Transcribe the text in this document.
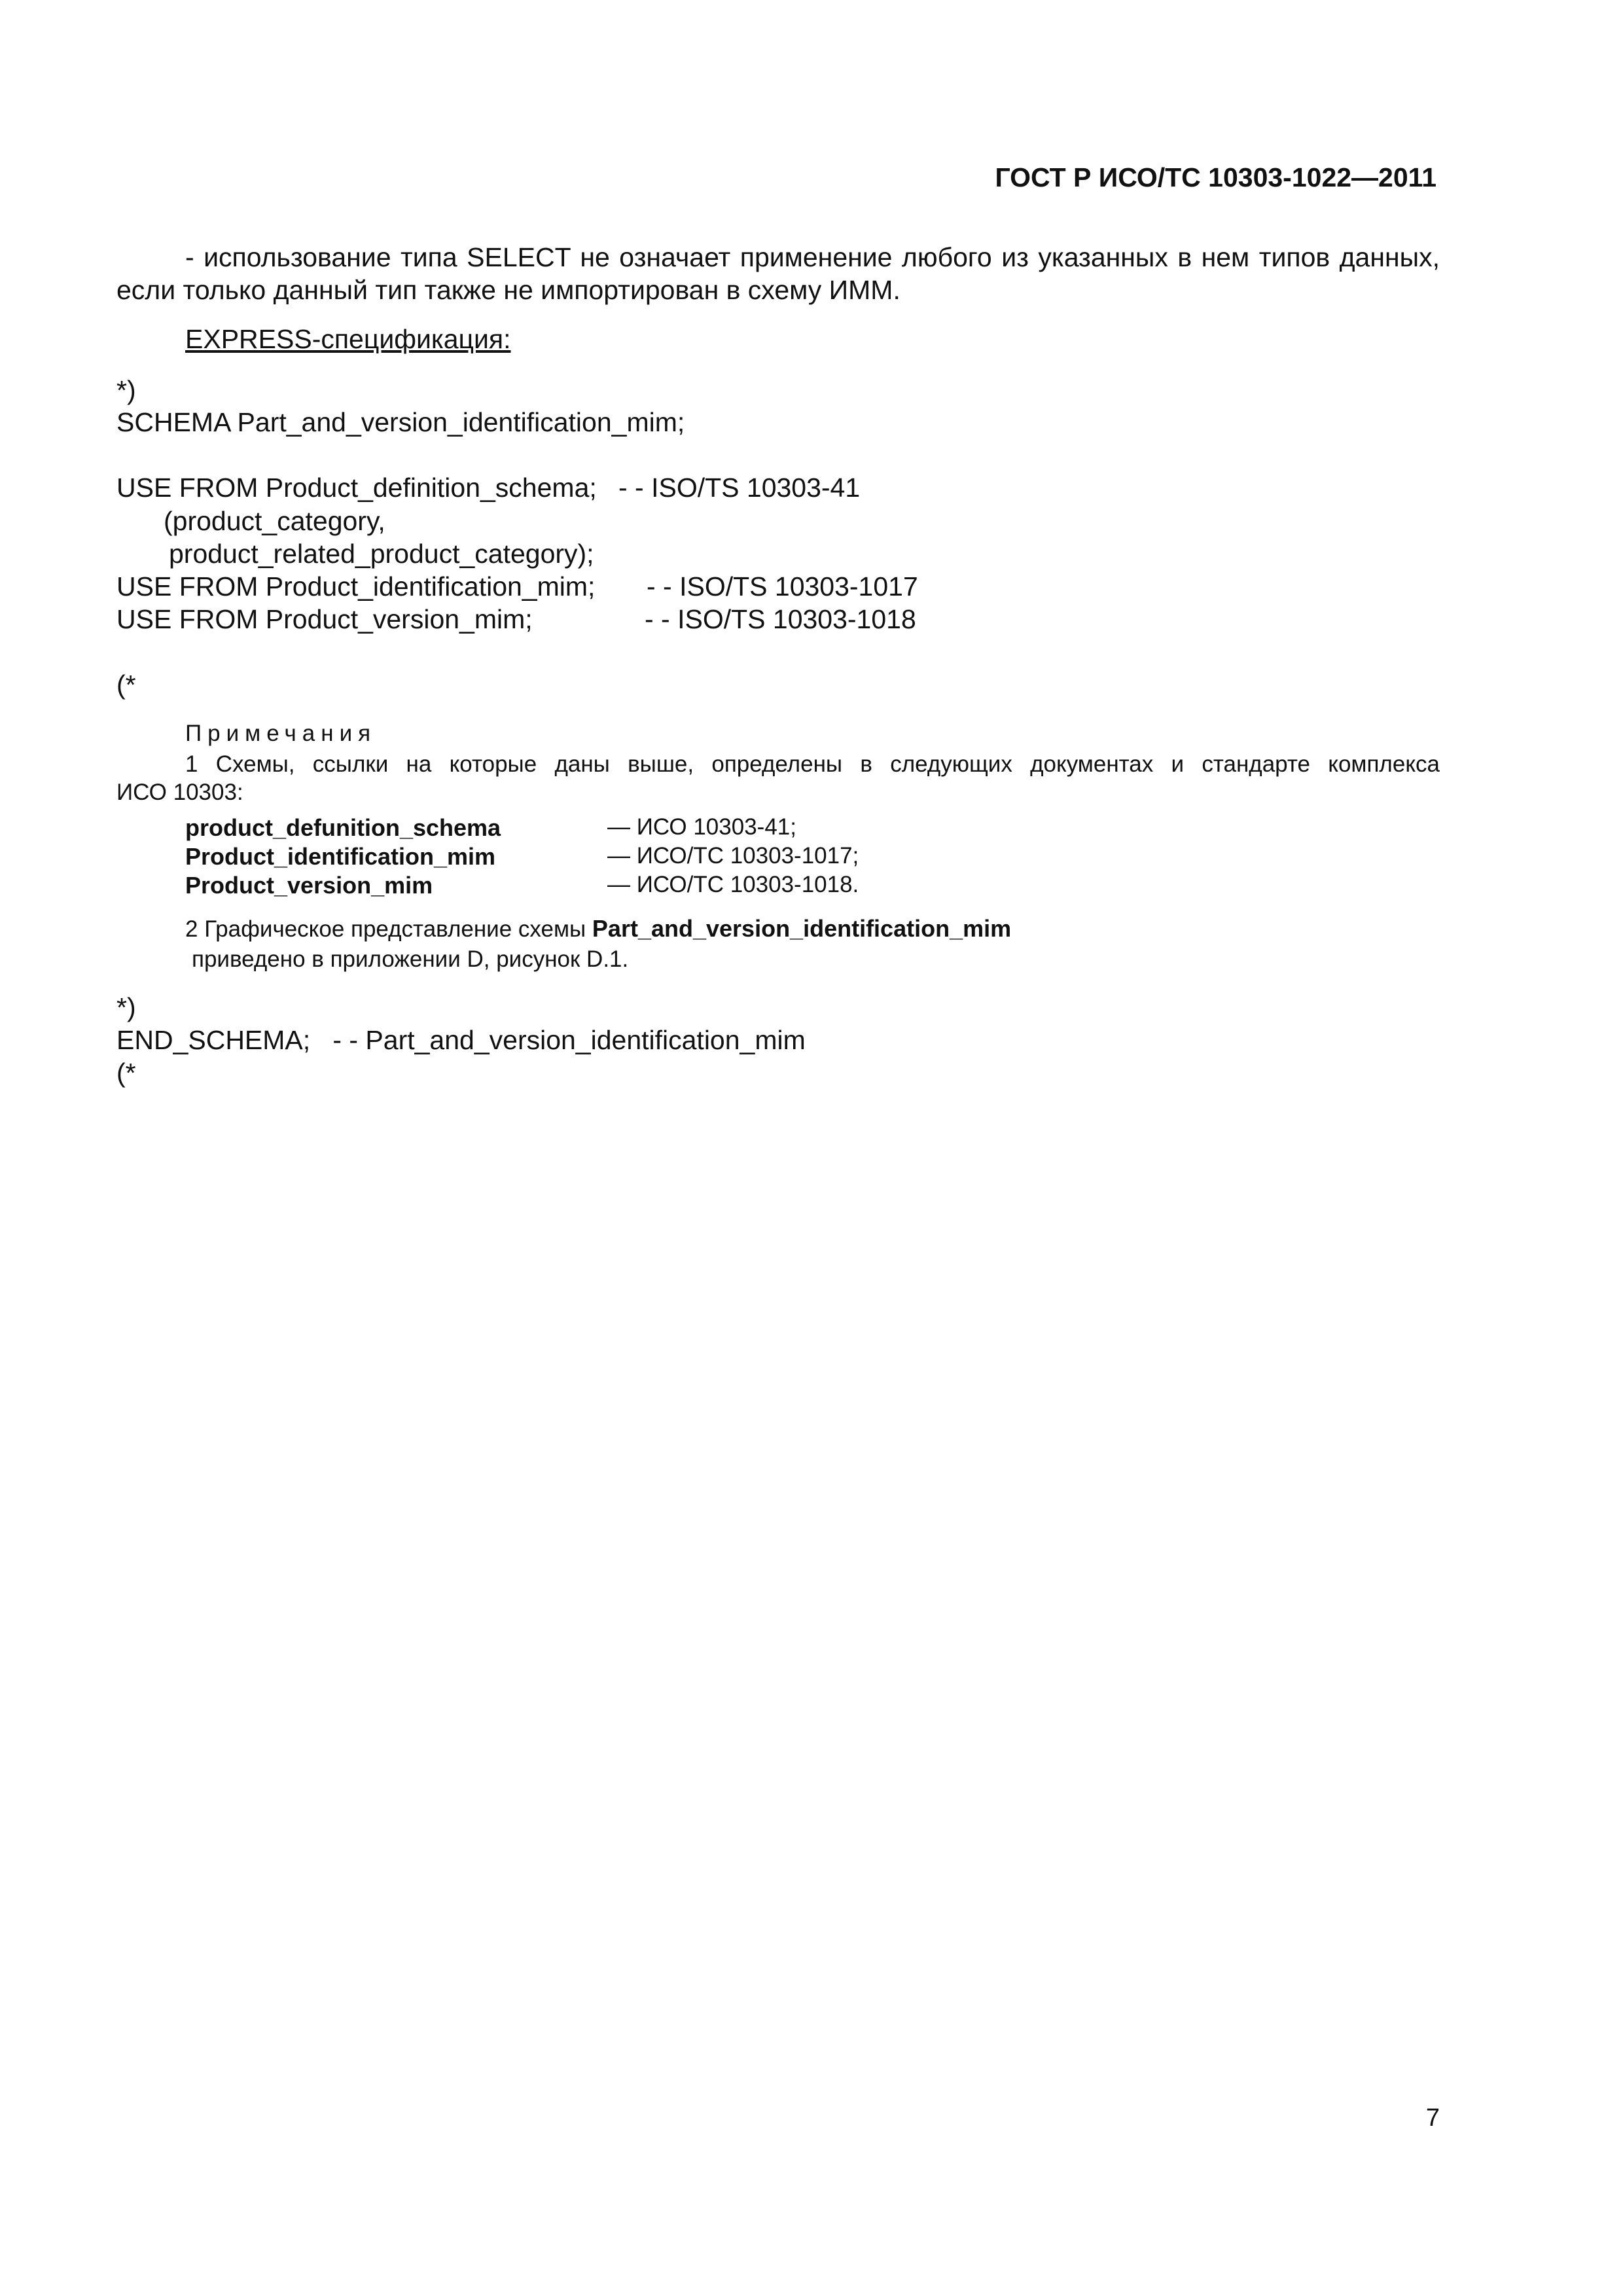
ГОСТ Р ИСО/ТС 10303-1022—2011
- использование типа SELECT не означает применение любого из указанных в нем типов данных,
если только данный тип также не импортирован в схему ИММ.
EXPRESS-спецификация:
*)
SCHEMA Part_and_version_identification_mim;
USE FROM Product_definition_schema; - - ISO/TS 10303-41
(product_category,
product_related_product_category);
USE FROM Product_identification_mim; - - ISO/TS 10303-1017
USE FROM Product_version_mim;	- - ISO/TS 10303-1018
(*
Примечания
1 Схемы, ссылки на которые даны выше, определены в следующих документах и стандарте комплекса
ИСО 10303:
product_defunition_schema	— ИСО 10303-41;
Product_identification_mim	— ИСО/ТС 10303-1017;
Product_version_mim	— ИСО/ТС 10303-1018.
2 Графическое представление схемы Part_and_version_identification_mim
приведено в приложении D, рисунок D.1.
*)
END_SCHEMA;   - - Part_and_version_identification_mim
(*
7
